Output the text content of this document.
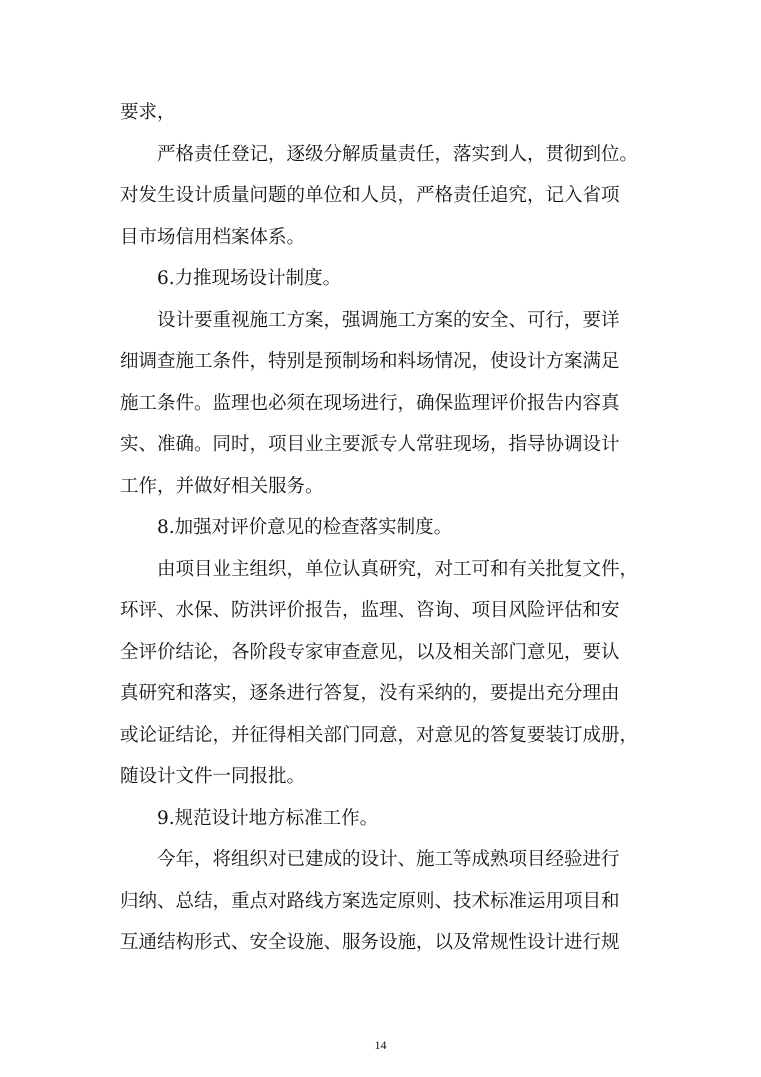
要求，
严格责任登记，逐级分解质量责任，落实到人，贯彻到位。
对发生设计质量问题的单位和人员，严格责任追究，记入省项
目市场信用档案体系。
6.力推现场设计制度。
设计要重视施工方案，强调施工方案的安全、可行，要详
细调查施工条件，特别是预制场和料场情况，使设计方案满足
施工条件。监理也必须在现场进行，确保监理评价报告内容真
实、准确。同时，项目业主要派专人常驻现场，指导协调设计
工作，并做好相关服务。
8.加强对评价意见的检查落实制度。
由项目业主组织，单位认真研究，对工可和有关批复文件，
环评、水保、防洪评价报告，监理、咨询、项目风险评估和安
全评价结论，各阶段专家审查意见，以及相关部门意见，要认
真研究和落实，逐条进行答复，没有采纳的，要提出充分理由
或论证结论，并征得相关部门同意，对意见的答复要装订成册，
随设计文件一同报批。
9.规范设计地方标准工作。
今年，将组织对已建成的设计、施工等成熟项目经验进行
归纳、总结，重点对路线方案选定原则、技术标准运用项目和
互通结构形式、安全设施、服务设施，以及常规性设计进行规
14
